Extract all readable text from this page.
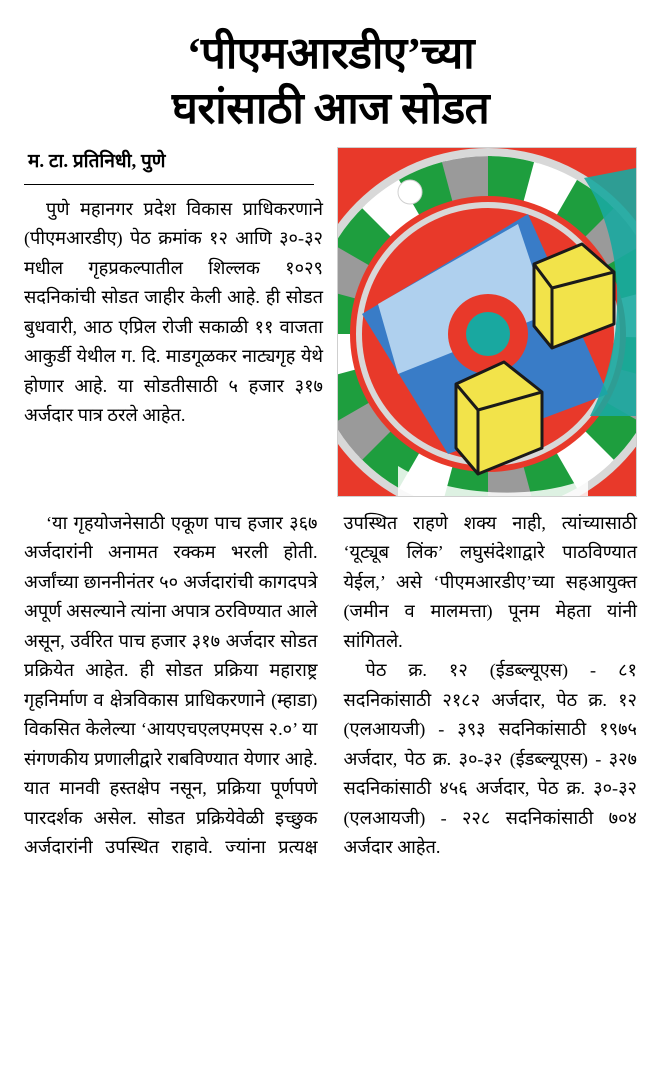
‘पीएमआरडीए’च्या
घरांसाठी आज सोडत
म. टा. प्रतिनिधी, पुणे

पुणे महानगर प्रदेश विकास प्राधिकरणाने (पीएमआरडीए) पेठ क्रमांक १२ आणि ३०-३२ मधील गृहप्रकल्पातील शिल्लक १०२९ सदनिकांची सोडत जाहीर केली आहे. ही सोडत बुधवारी, आठ एप्रिल रोजी सकाळी ११ वाजता आकुर्डी येथील ग. दि. माडगूळकर नाट्यगृह येथे होणार आहे. या सोडतीसाठी ५ हजार ३१७ अर्जदार पात्र ठरले आहेत.

‘या गृहयोजनेसाठी एकूण पाच हजार ३६७ अर्जदारांनी अनामत रक्कम भरली होती. अर्जांच्या छाननीनंतर ५० अर्जदारांची कागदपत्रे अपूर्ण असल्याने त्यांना अपात्र ठरविण्यात आले असून, उर्वरित पाच हजार ३१७ अर्जदार सोडत प्रक्रियेत आहेत. ही सोडत प्रक्रिया महाराष्ट्र गृहनिर्माण व क्षेत्रविकास प्राधिकरणाने (म्हाडा) विकसित केलेल्या ‘आयएचएलएमएस २.०’ या संगणकीय प्रणालीद्वारे राबविण्यात येणार आहे. यात मानवी हस्तक्षेप नसून, प्रक्रिया पूर्णपणे पारदर्शक असेल. सोडत प्रक्रियेवेळी इच्छुक अर्जदारांनी उपस्थित राहावे. ज्यांना प्रत्यक्ष उपस्थित राहणे शक्य नाही, त्यांच्यासाठी ‘यूट्यूब लिंक’ लघुसंदेशाद्वारे पाठविण्यात येईल,’ असे ‘पीएमआरडीए’च्या सहआयुक्त (जमीन व मालमत्ता) पूनम मेहता यांनी सांगितले.

पेठ क्र. १२ (ईडब्ल्यूएस) - ८१ सदनिकांसाठी २१८२ अर्जदार, पेठ क्र. १२ (एलआयजी) - ३९३ सदनिकांसाठी १९७५ अर्जदार, पेठ क्र. ३०-३२ (ईडब्ल्यूएस) - ३२७ सदनिकांसाठी ४५६ अर्जदार, पेठ क्र. ३०-३२ (एलआयजी) - २२८ सदनिकांसाठी ७०४ अर्जदार आहेत.
